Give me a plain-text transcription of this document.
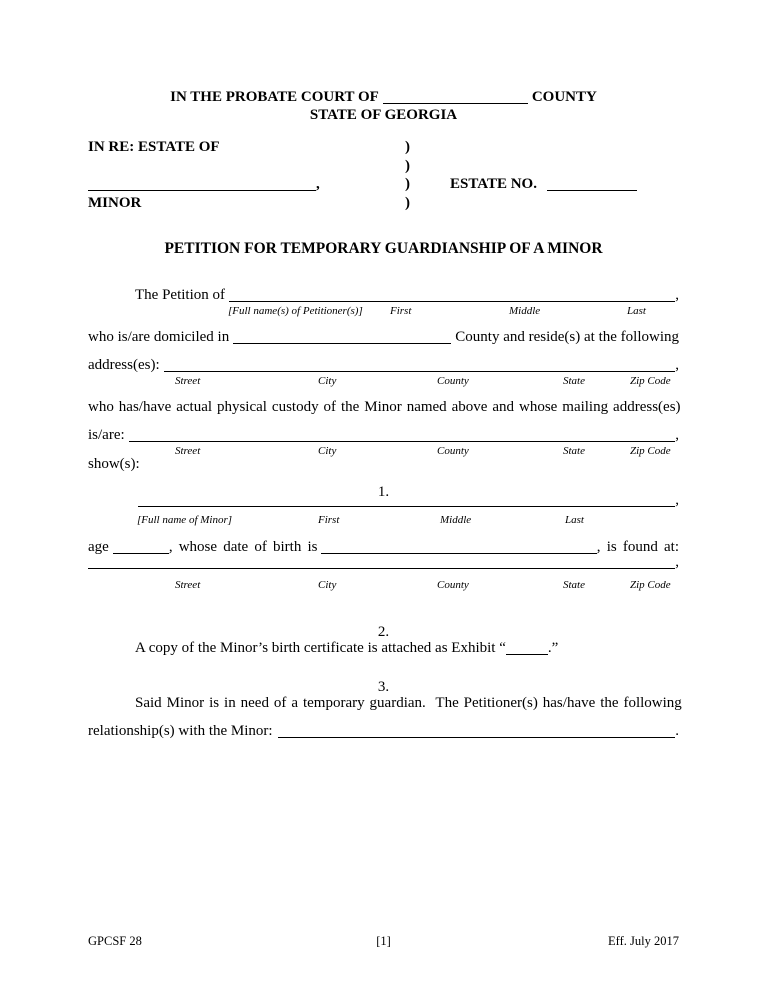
IN THE PROBATE COURT OF	COUNTY
STATE OF GEORGIA
IN RE: ESTATE OF
,
MINOR
)
)
)
)
ESTATE NO.
PETITION FOR TEMPORARY GUARDIANSHIP OF A MINOR
The Petition of	,
[Full name(s) of Petitioner(s)] First	Middle	Last
who is/are domiciled in	County and reside(s) at the following
address(es):	,
Street	City	County	State	Zip Code
who has/have actual physical custody of the Minor named above and whose mailing address(es)
is/are:	,
Street	City	County	State	Zip Code
show(s):
1.	,
[Full name of Minor]	First	Middle	Last
age	, whose date of birth is	, is found at:
,
Street	City	County	State	Zip Code
2.
A copy of the Minor’s birth certificate is attached as Exhibit “	.”
3.
Said Minor is in need of a temporary guardian.  The Petitioner(s) has/have the following
relationship(s) with the Minor:	.
GPCSF 28	[1]	Eff. July 2017
